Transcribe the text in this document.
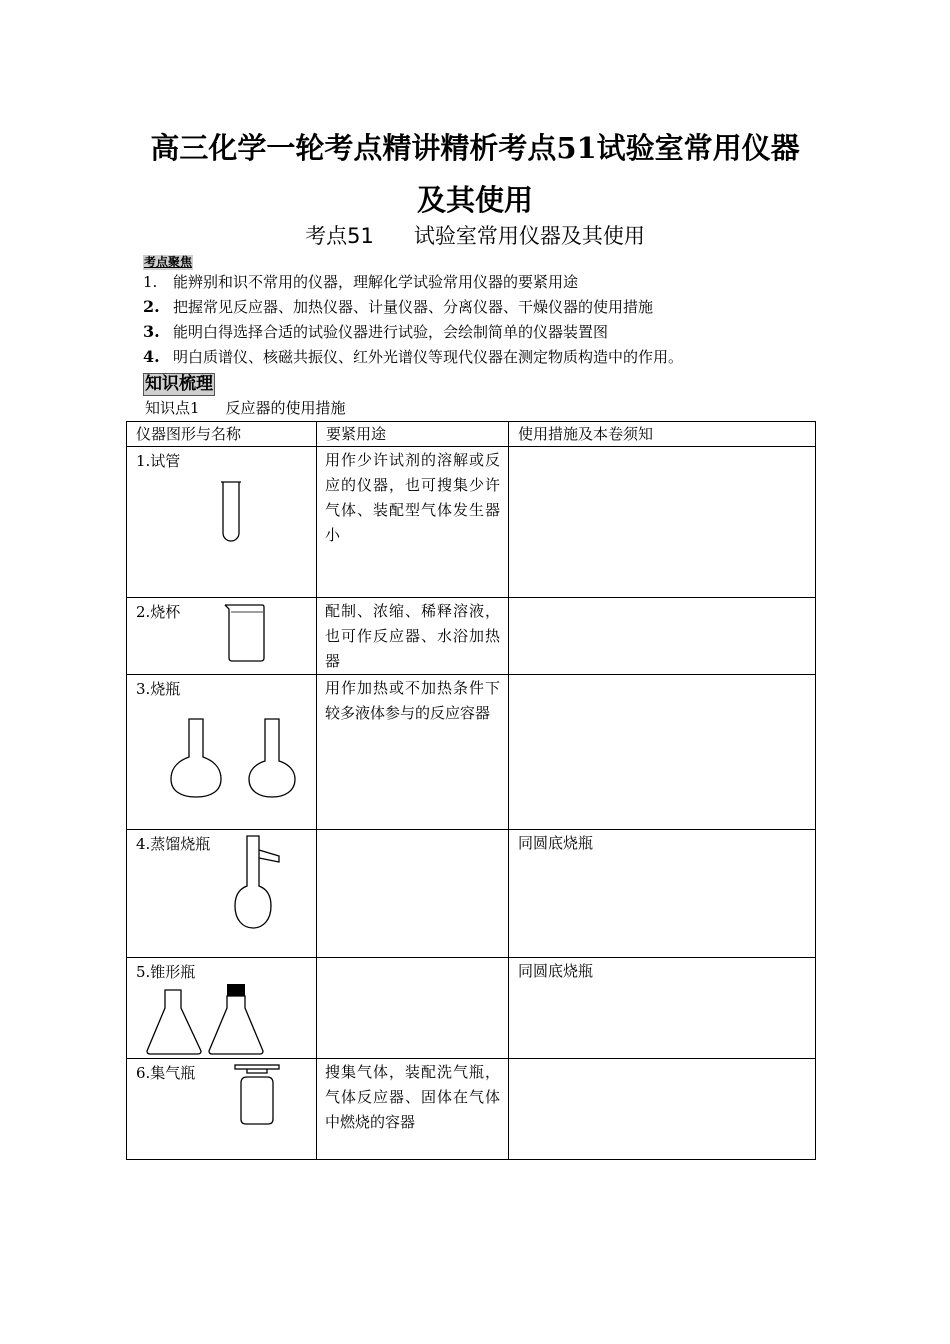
高三化学一轮考点精讲精析考点51试验室常用仪器
及其使用
考点51 试验室常用仪器及其使用
考点聚焦
1. 能辨别和识不常用的仪器，理解化学试验常用仪器的要紧用途
2. 把握常见反应器、加热仪器、计量仪器、分离仪器、干燥仪器的使用措施
3. 能明白得选择合适的试验仪器进行试验，会绘制简单的仪器装置图
4. 明白质谱仪、核磁共振仪、红外光谱仪等现代仪器在测定物质构造中的作用。
知识梳理
知识点1 反应器的使用措施
仪器图形与名称	要紧用途	使用措施及本卷须知

1.试管	用作少许试剂的溶解或反应的仪器，也可搜集少许气体、装配型气体发生器小	

2.烧杯	配制、浓缩、稀释溶液，也可作反应器、水浴加热器	

3.烧瓶	用作加热或不加热条件下较多液体参与的反应容器	

4.蒸馏烧瓶		同圆底烧瓶

5.锥形瓶		同圆底烧瓶

6.集气瓶	搜集气体，装配洗气瓶，气体反应器、固体在气体中燃烧的容器	
